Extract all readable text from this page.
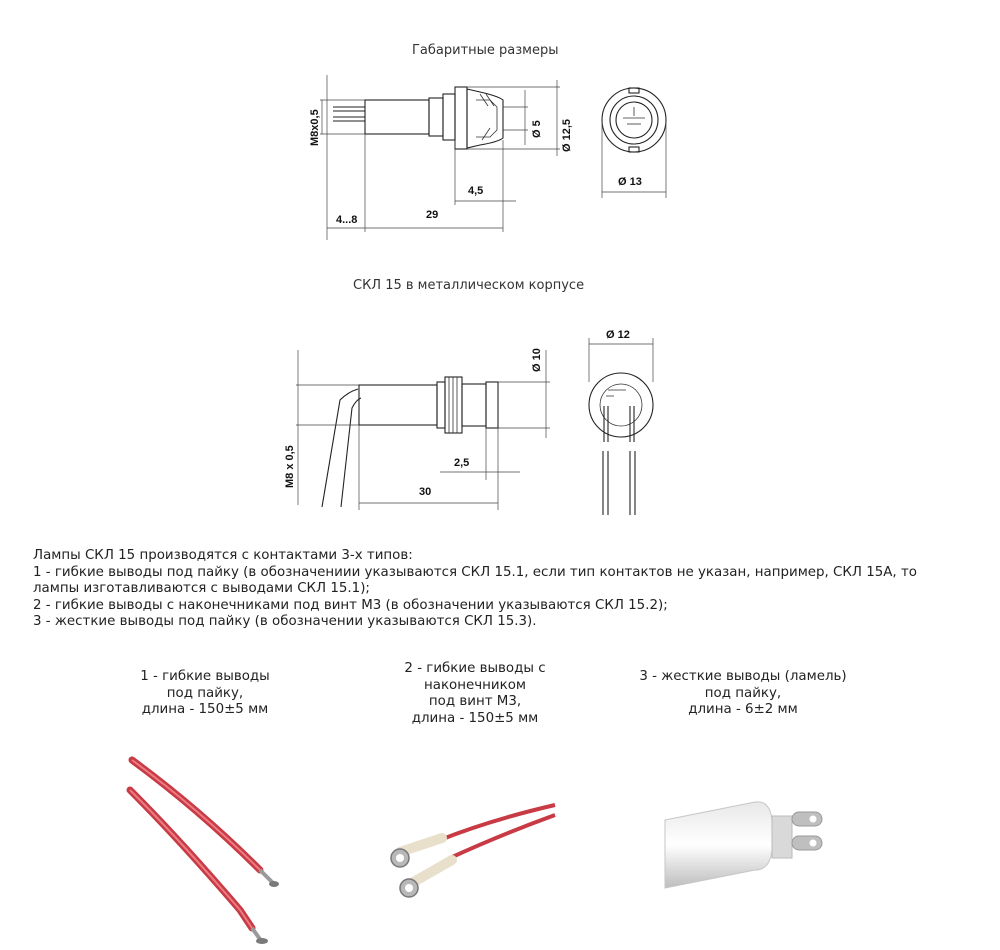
Габаритные размеры
M8x0,5	Ø 5 Ø 12,5
4,5
4...8	29
Ø 13
СКЛ 15 в металлическом корпусе
M8 x 0,5
Ø 10
2,5
30
Ø 12

Лампы СКЛ 15 производятся с контактами 3-х типов:

1 - гибкие выводы под пайку (в обозначениии указываются СКЛ 15.1, если тип контактов не указан, например, СКЛ 15А, то лампы изготавливаются с выводами СКЛ 15.1);

2 - гибкие выводы с наконечниками под винт М3 (в обозначении указываются СКЛ 15.2);

3 - жесткие выводы под пайку (в обозначении указываются СКЛ 15.3).

1 - гибкие выводы
под пайку,
длина - 150±5 мм
2 - гибкие выводы с
наконечником
под винт М3,
длина - 150±5 мм
3 - жесткие выводы (ламель)
под пайку,
длина - 6±2 мм
